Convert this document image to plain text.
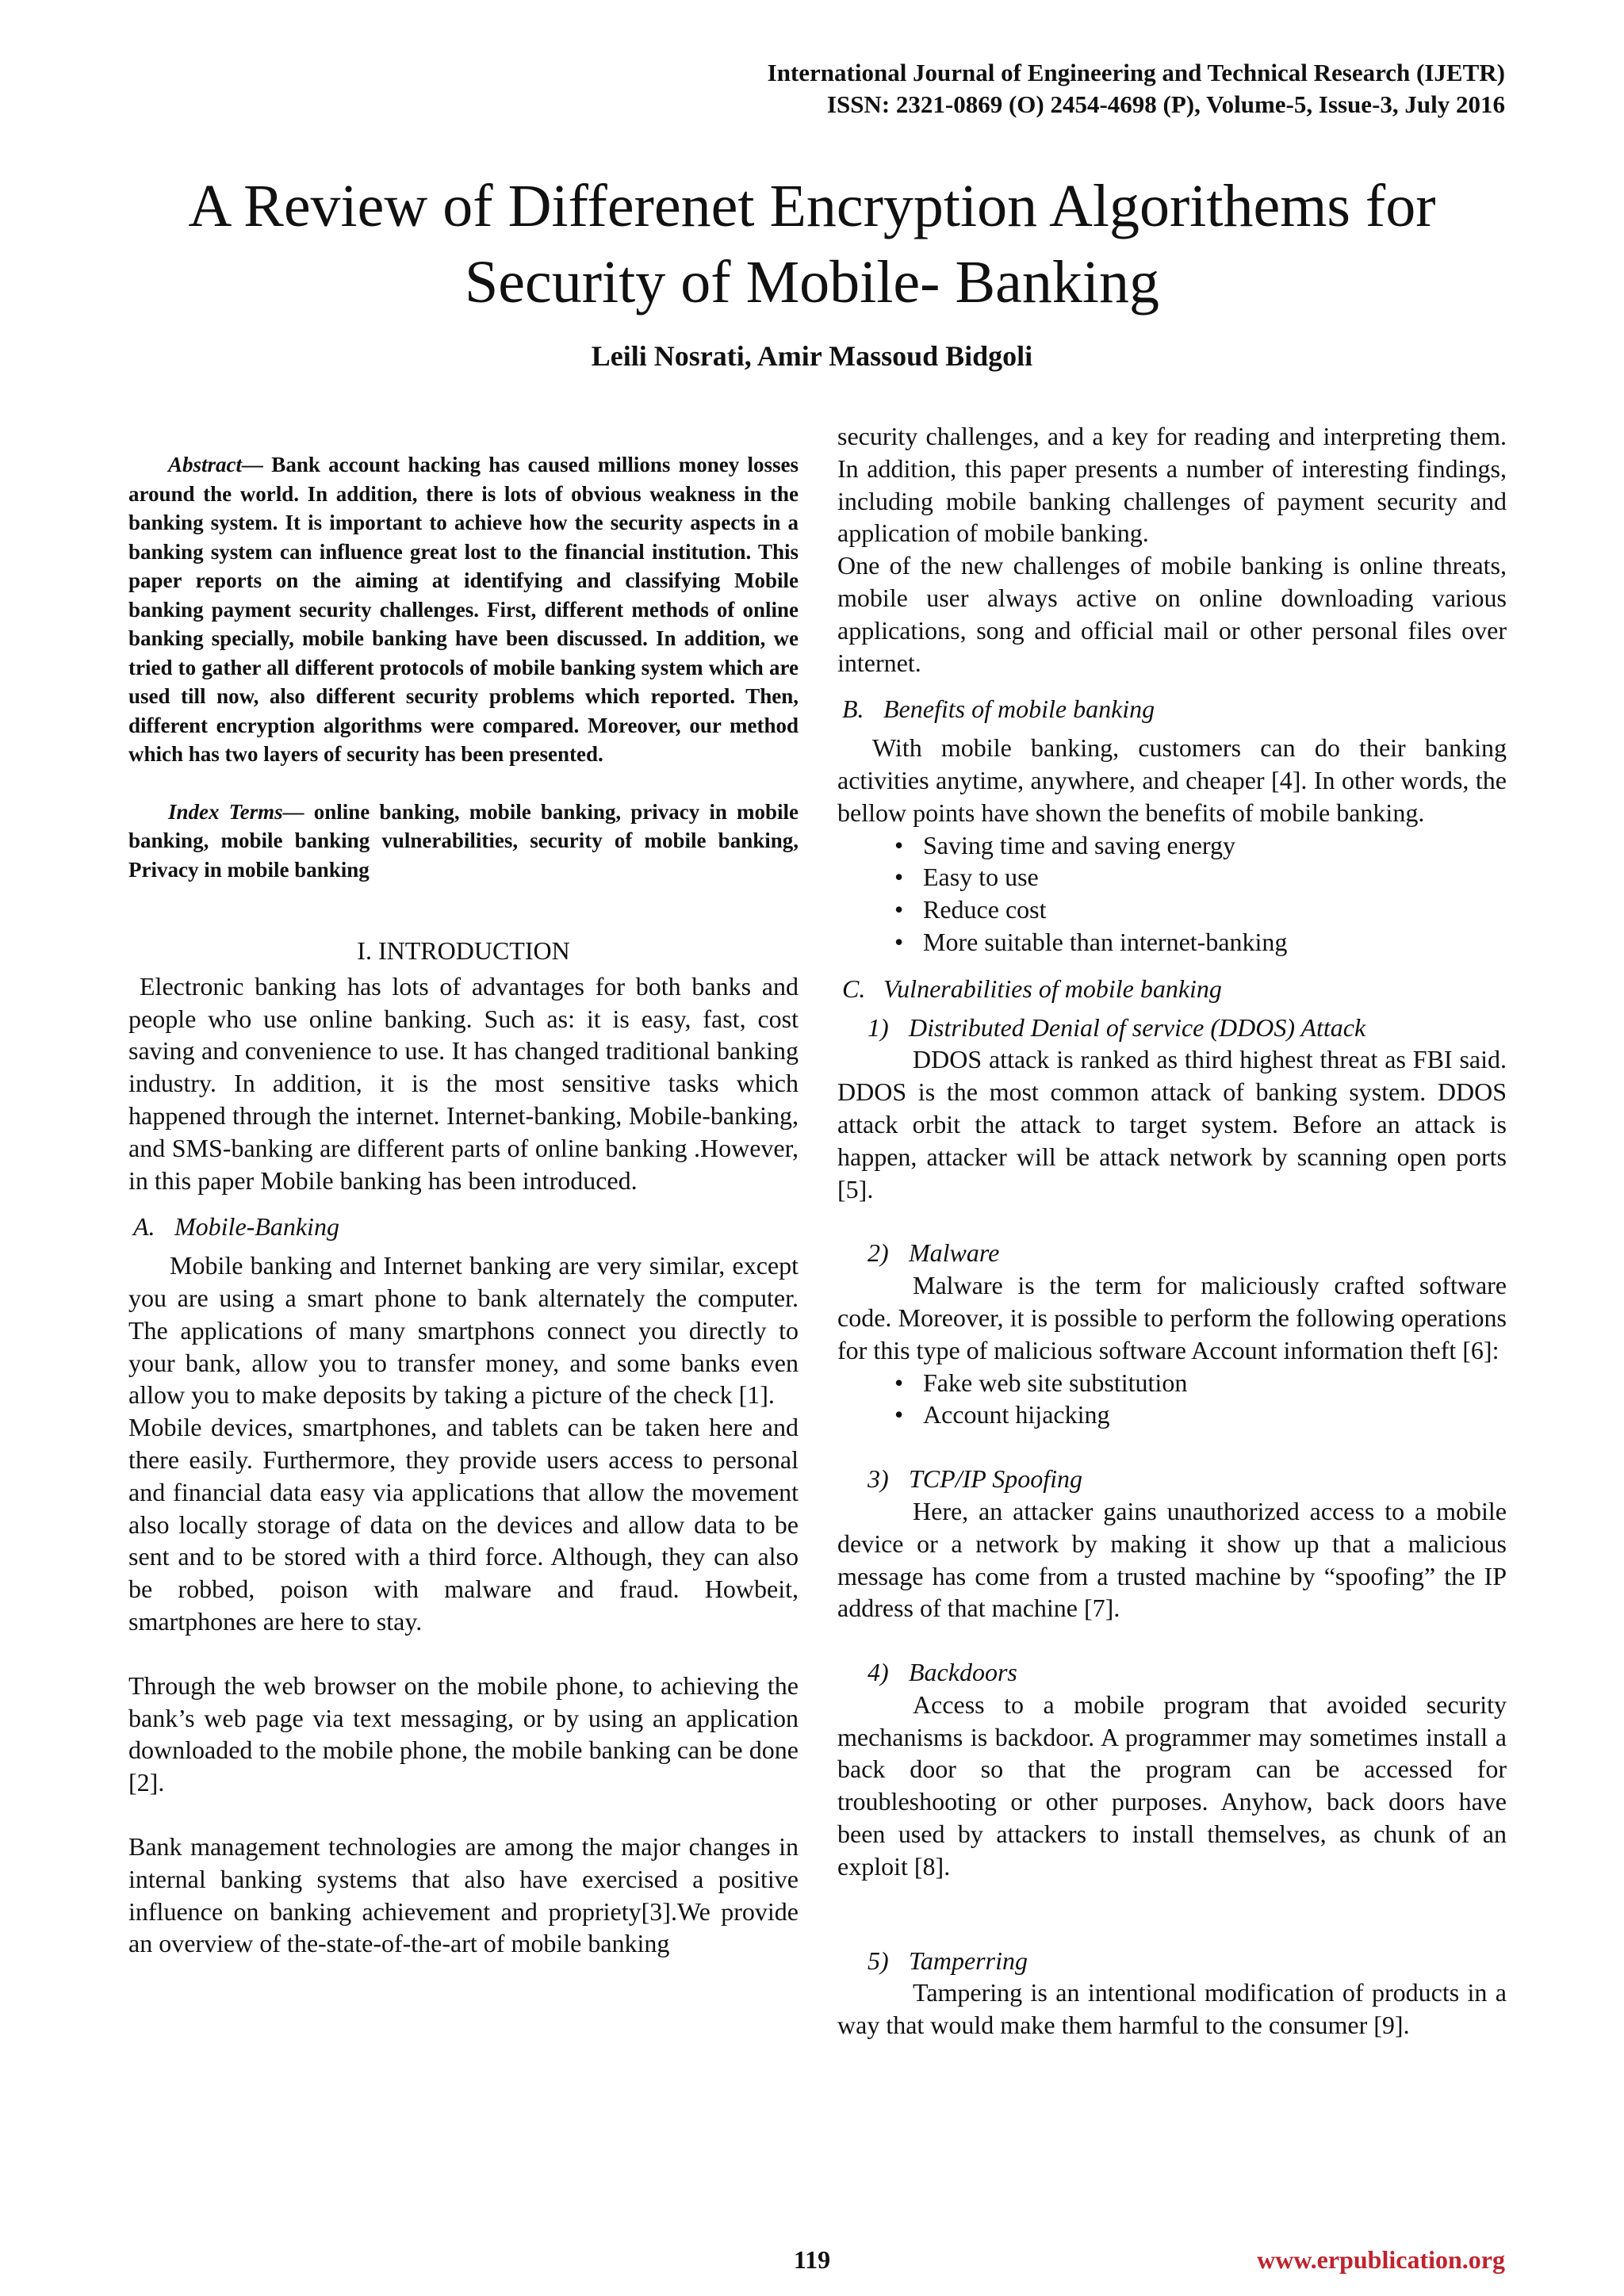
International Journal of Engineering and Technical Research (IJETR)
ISSN: 2321-0869 (O) 2454-4698 (P), Volume-5, Issue-3, July 2016
A Review of Differenet Encryption Algorithems for
Security of Mobile- Banking
Leili Nosrati, Amir Massoud Bidgoli

Abstract— Bank account hacking has caused millions money losses around the world. In addition, there is lots of obvious weakness in the banking system. It is important to achieve how the security aspects in a banking system can influence great lost to the financial institution. This paper reports on the aiming at identifying and classifying Mobile banking payment security challenges. First, different methods of online banking specially, mobile banking have been discussed. In addition, we tried to gather all different protocols of mobile banking system which are used till now, also different security problems which reported. Then, different encryption algorithms were compared. Moreover, our method which has two layers of security has been presented.

Index Terms— online banking, mobile banking, privacy in mobile banking, mobile banking vulnerabilities, security of mobile banking, Privacy in mobile banking

I. INTRODUCTION

Electronic banking has lots of advantages for both banks and people who use online banking. Such as: it is easy, fast, cost saving and convenience to use. It has changed traditional banking industry. In addition, it is the most sensitive tasks which happened through the internet. Internet-banking, Mobile-banking, and SMS-banking are different parts of online banking .However, in this paper Mobile banking has been introduced.

A. Mobile-Banking

Mobile banking and Internet banking are very similar, except you are using a smart phone to bank alternately the computer. The applications of many smartphons connect you directly to your bank, allow you to transfer money, and some banks even allow you to make deposits by taking a picture of the check [1].

Mobile devices, smartphones, and tablets can be taken here and there easily. Furthermore, they provide users access to personal and financial data easy via applications that allow the movement also locally storage of data on the devices and allow data to be sent and to be stored with a third force. Although, they can also be robbed, poison with malware and fraud. Howbeit, smartphones are here to stay.

Through the web browser on the mobile phone, to achieving the bank’s web page via text messaging, or by using an application downloaded to the mobile phone, the mobile banking can be done [2].

Bank management technologies are among the major changes in internal banking systems that also have exercised a positive influence on banking achievement and propriety[3].We provide an overview of the-state-of-the-art of mobile banking

security challenges, and a key for reading and interpreting them. In addition, this paper presents a number of interesting findings, including mobile banking challenges of payment security and application of mobile banking.

One of the new challenges of mobile banking is online threats, mobile user always active on online downloading various applications, song and official mail or other personal files over internet.

B. Benefits of mobile banking

With mobile banking, customers can do their banking activities anytime, anywhere, and cheaper [4]. In other words, the bellow points have shown the benefits of mobile banking.

• Saving time and saving energy
• Easy to use
• Reduce cost
• More suitable than internet-banking
C. Vulnerabilities of mobile banking
1) Distributed Denial of service (DDOS) Attack

DDOS attack is ranked as third highest threat as FBI said. DDOS is the most common attack of banking system. DDOS attack orbit the attack to target system. Before an attack is happen, attacker will be attack network by scanning open ports [5].

2) Malware

Malware is the term for maliciously crafted software code. Moreover, it is possible to perform the following operations for this type of malicious software Account information theft [6]:

• Fake web site substitution
• Account hijacking
3) TCP/IP Spoofing

Here, an attacker gains unauthorized access to a mobile device or a network by making it show up that a malicious message has come from a trusted machine by “spoofing” the IP address of that machine [7].

4) Backdoors

Access to a mobile program that avoided security mechanisms is backdoor. A programmer may sometimes install a back door so that the program can be accessed for troubleshooting or other purposes. Anyhow, back doors have been used by attackers to install themselves, as chunk of an exploit [8].

5) Tamperring

Tampering is an intentional modification of products in a way that would make them harmful to the consumer [9].

119	www.erpublication.org
